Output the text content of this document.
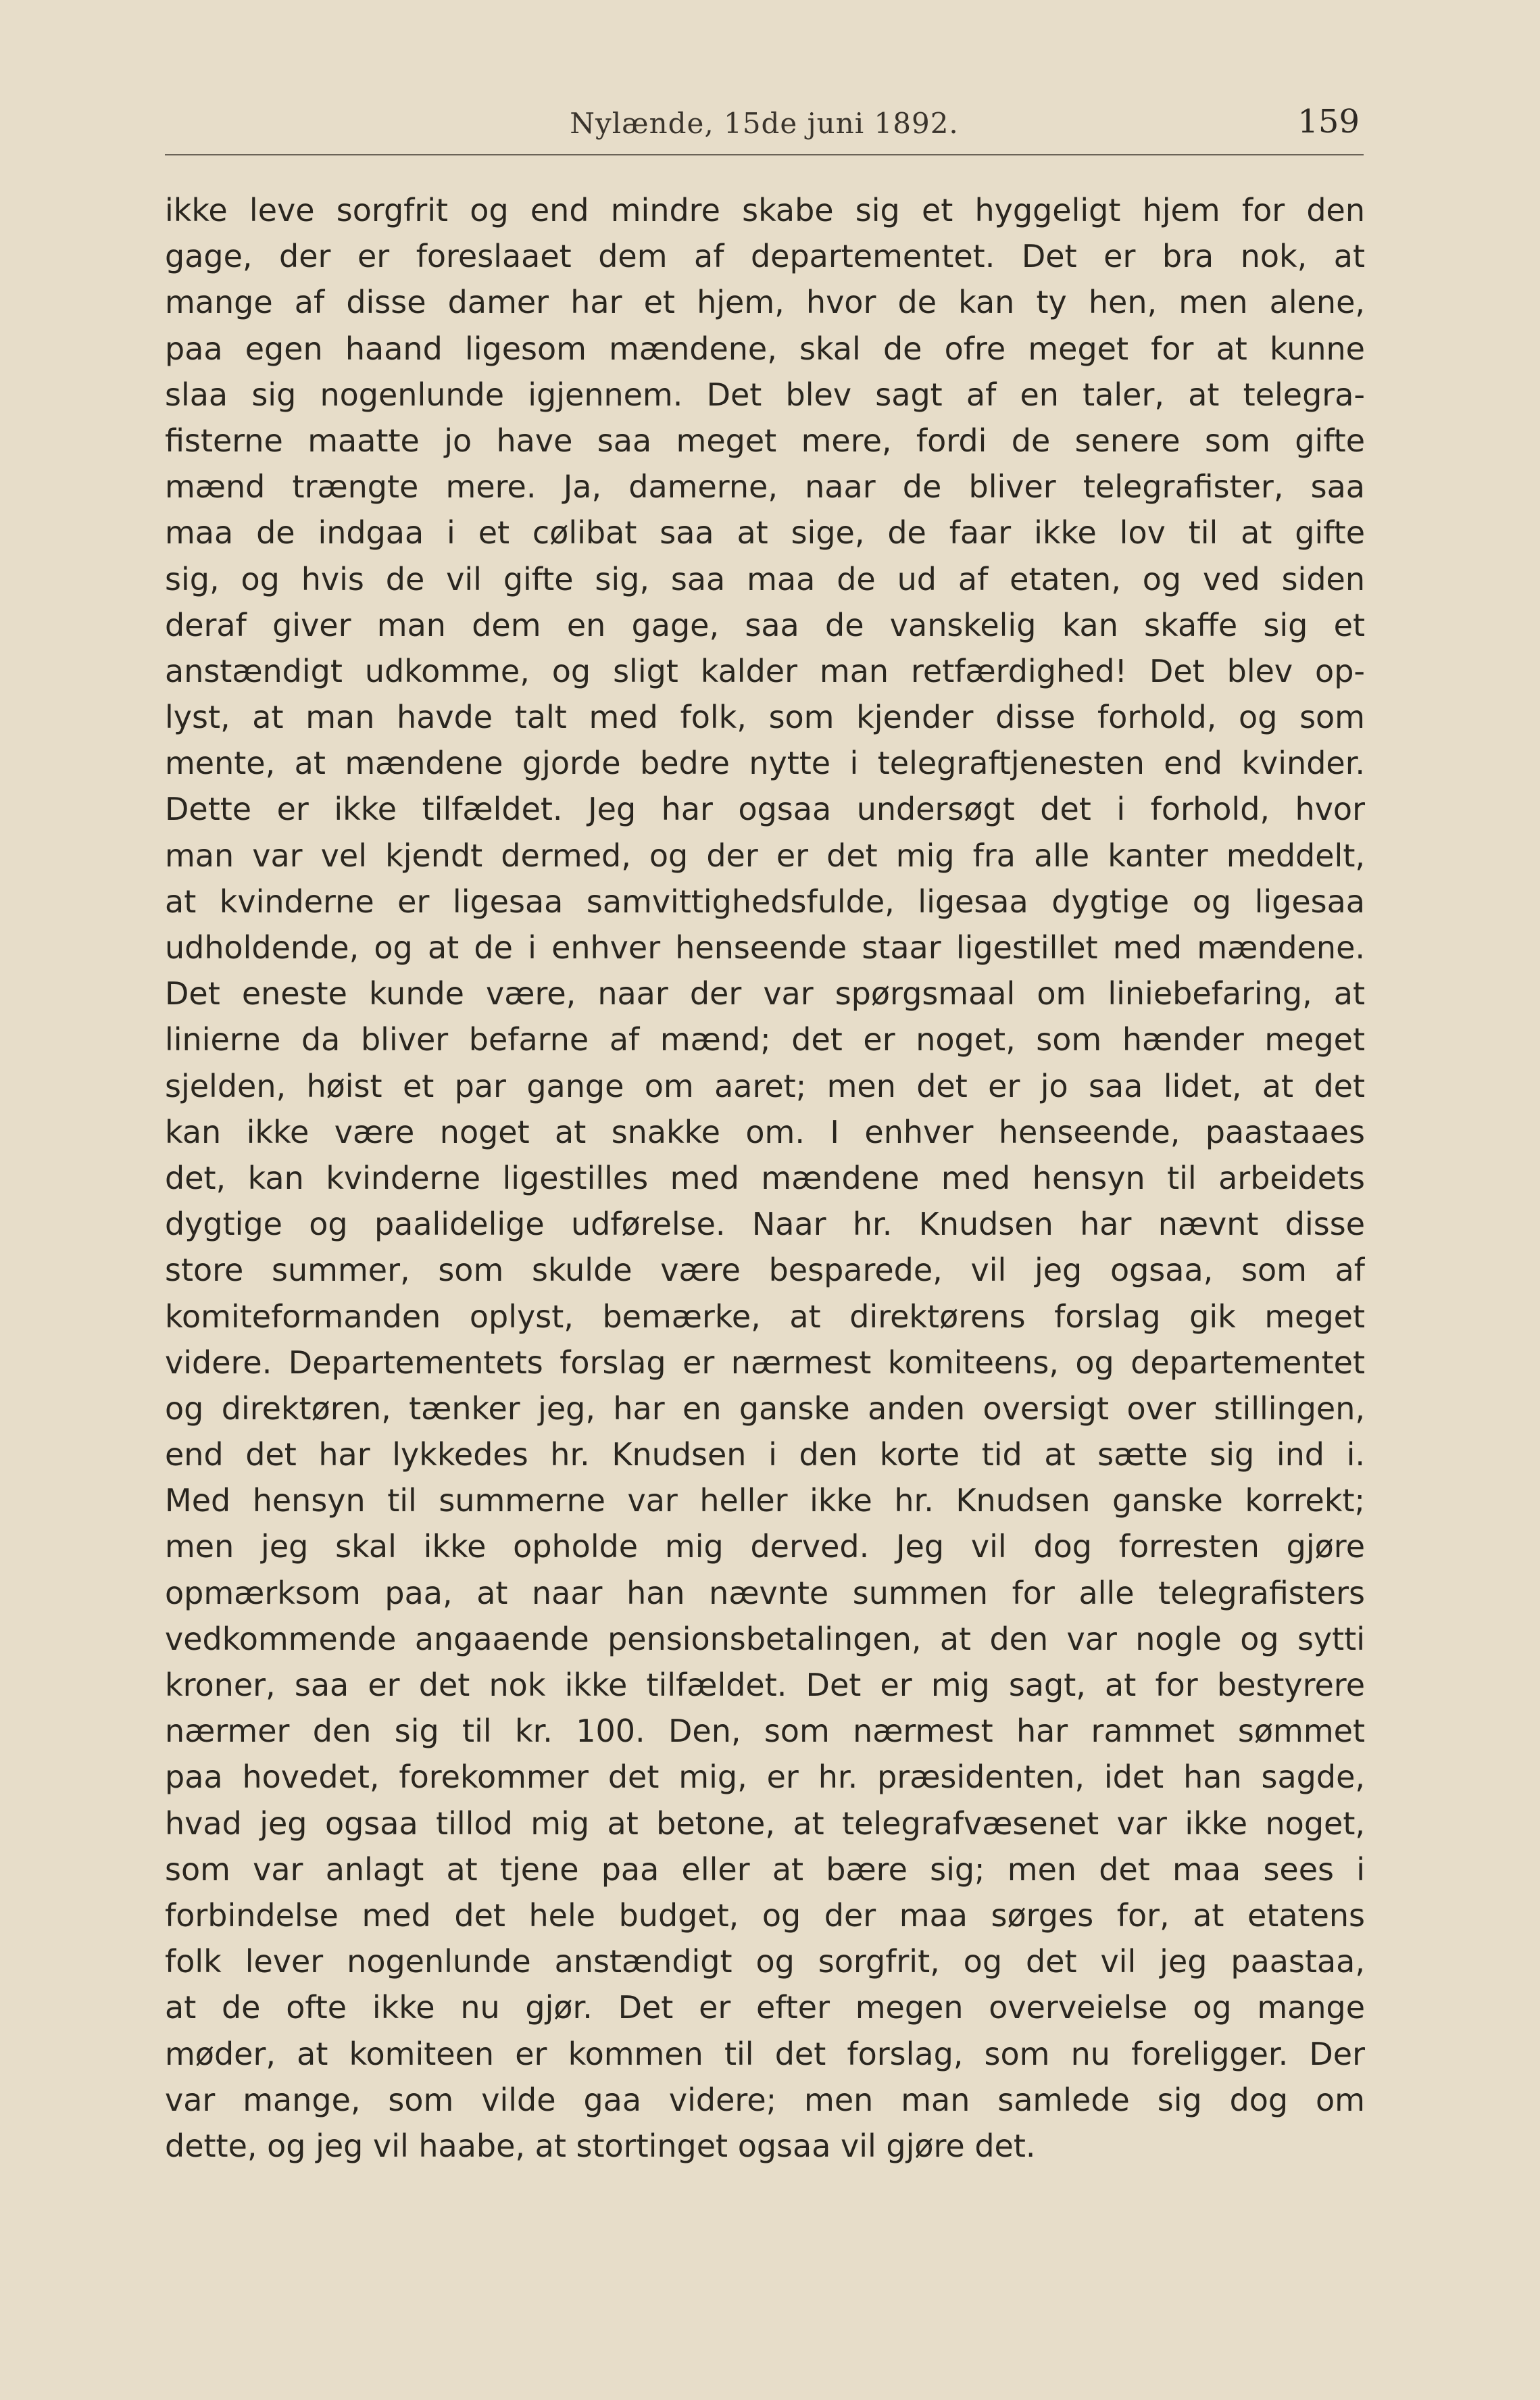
Nylænde, 15de juni 1892.	159
ikke leve sorgfrit og end mindre skabe sig et hyggeligt hjem for den
gage, der er foreslaaet dem af departementet. Det er bra nok, at
mange af disse damer har et hjem, hvor de kan ty hen, men alene,
paa egen haand ligesom mændene, skal de ofre meget for at kunne
slaa sig nogenlunde igjennem. Det blev sagt af en taler, at telegra-
fisterne maatte jo have saa meget mere, fordi de senere som gifte
mænd trængte mere. Ja, damerne, naar de bliver telegrafister, saa
maa de indgaa i et cølibat saa at sige, de faar ikke lov til at gifte
sig, og hvis de vil gifte sig, saa maa de ud af etaten, og ved siden
deraf giver man dem en gage, saa de vanskelig kan skaffe sig et
anstændigt udkomme, og sligt kalder man retfærdighed! Det blev op-
lyst, at man havde talt med folk, som kjender disse forhold, og som
mente, at mændene gjorde bedre nytte i telegraftjenesten end kvinder.
Dette er ikke tilfældet. Jeg har ogsaa undersøgt det i forhold, hvor
man var vel kjendt dermed, og der er det mig fra alle kanter meddelt,
at kvinderne er ligesaa samvittighedsfulde, ligesaa dygtige og ligesaa
udholdende, og at de i enhver henseende staar ligestillet med mændene.
Det eneste kunde være, naar der var spørgsmaal om liniebefaring, at
linierne da bliver befarne af mænd; det er noget, som hænder meget
sjelden, høist et par gange om aaret; men det er jo saa lidet, at det
kan ikke være noget at snakke om. I enhver henseende, paastaaes
det, kan kvinderne ligestilles med mændene med hensyn til arbeidets
dygtige og paalidelige udførelse. Naar hr. Knudsen har nævnt disse
store summer, som skulde være besparede, vil jeg ogsaa, som af
komiteformanden oplyst, bemærke, at direktørens forslag gik meget
videre. Departementets forslag er nærmest komiteens, og departementet
og direktøren, tænker jeg, har en ganske anden oversigt over stillingen,
end det har lykkedes hr. Knudsen i den korte tid at sætte sig ind i.
Med hensyn til summerne var heller ikke hr. Knudsen ganske korrekt;
men jeg skal ikke opholde mig derved. Jeg vil dog forresten gjøre
opmærksom paa, at naar han nævnte summen for alle telegrafisters
vedkommende angaaende pensionsbetalingen, at den var nogle og sytti
kroner, saa er det nok ikke tilfældet. Det er mig sagt, at for bestyrere
nærmer den sig til kr. 100. Den, som nærmest har rammet sømmet
paa hovedet, forekommer det mig, er hr. præsidenten, idet han sagde,
hvad jeg ogsaa tillod mig at betone, at telegrafvæsenet var ikke noget,
som var anlagt at tjene paa eller at bære sig; men det maa sees i
forbindelse med det hele budget, og der maa sørges for, at etatens
folk lever nogenlunde anstændigt og sorgfrit, og det vil jeg paastaa,
at de ofte ikke nu gjør. Det er efter megen overveielse og mange
møder, at komiteen er kommen til det forslag, som nu foreligger. Der
var mange, som vilde gaa videre; men man samlede sig dog om
dette, og jeg vil haabe, at stortinget ogsaa vil gjøre det.
